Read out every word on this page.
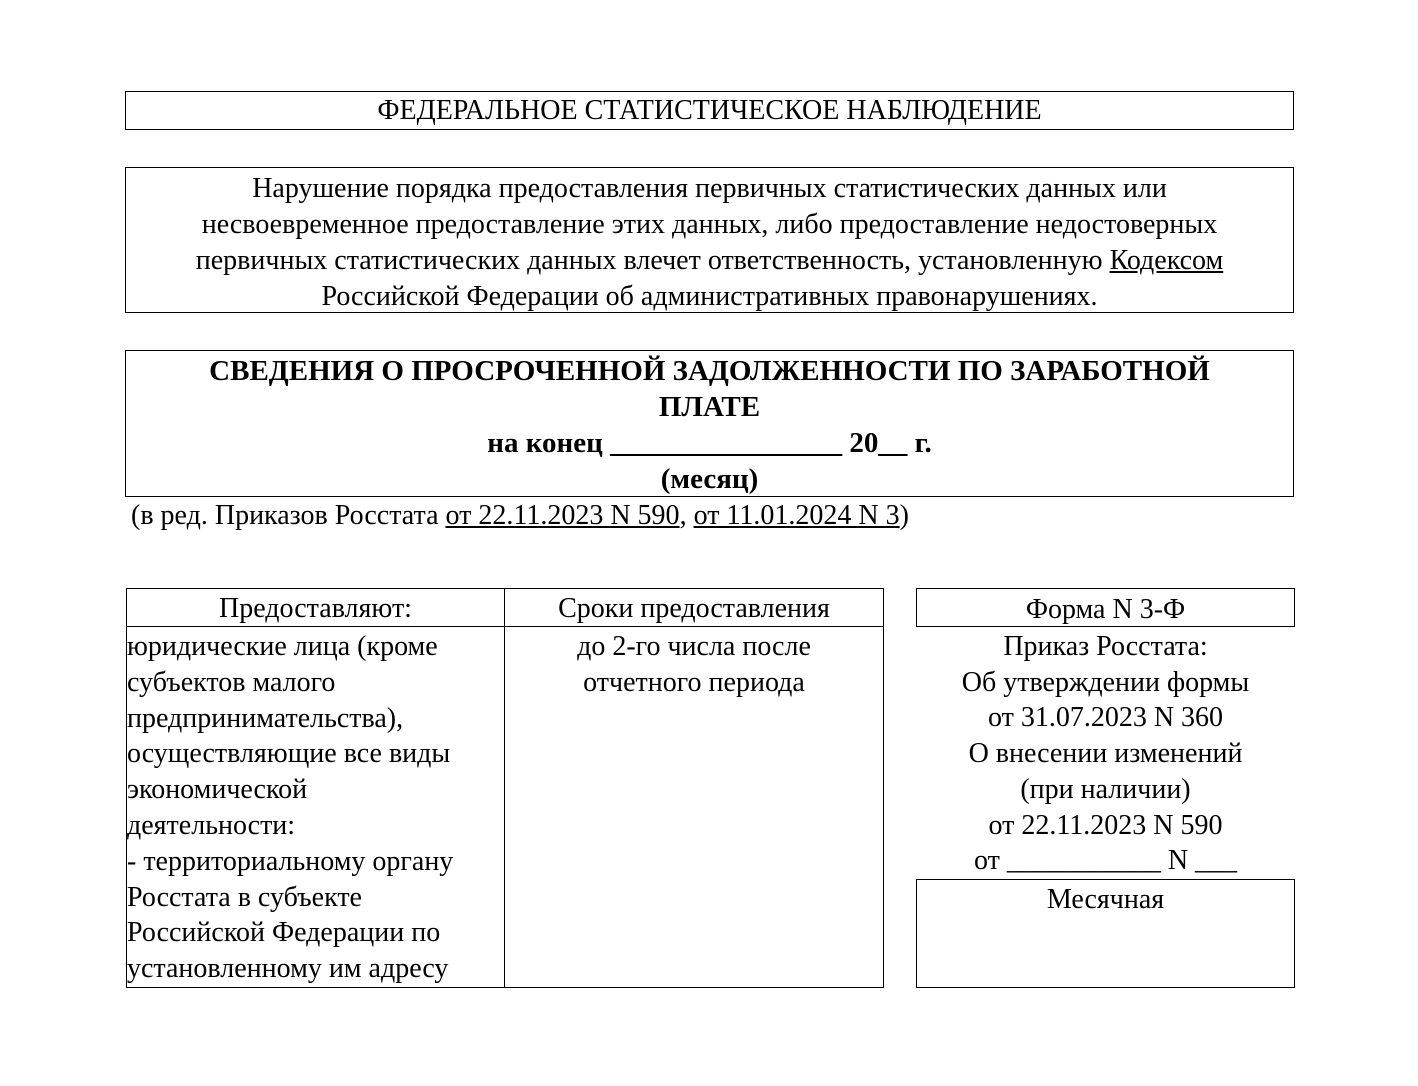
ФЕДЕРАЛЬНОЕ СТАТИСТИЧЕСКОЕ НАБЛЮДЕНИЕ
Нарушение порядка предоставления первичных статистических данных или
несвоевременное предоставление этих данных, либо предоставление недостоверных
первичных статистических данных влечет ответственность, установленную Кодексом
Российской Федерации об административных правонарушениях.
СВЕДЕНИЯ О ПРОСРОЧЕННОЙ ЗАДОЛЖЕННОСТИ ПО ЗАРАБОТНОЙ
ПЛАТЕ
на конец ________________ 20__ г.
(месяц)
(в ред. Приказов Росстата от 22.11.2023 N 590, от 11.01.2024 N 3)
Предоставляют:	Сроки предоставления
юридические лица (кроме
субъектов малого
предпринимательства),
осуществляющие все виды
экономической
деятельности:
- территориальному органу
Росстата в субъекте
Российской Федерации по
установленному им адресу
до 2-го числа после
отчетного периода
Форма N 3-Ф
Приказ Росстата:
Об утверждении формы
от 31.07.2023 N 360
О внесении изменений
(при наличии)
от 22.11.2023 N 590
от ___________ N ___
Месячная
